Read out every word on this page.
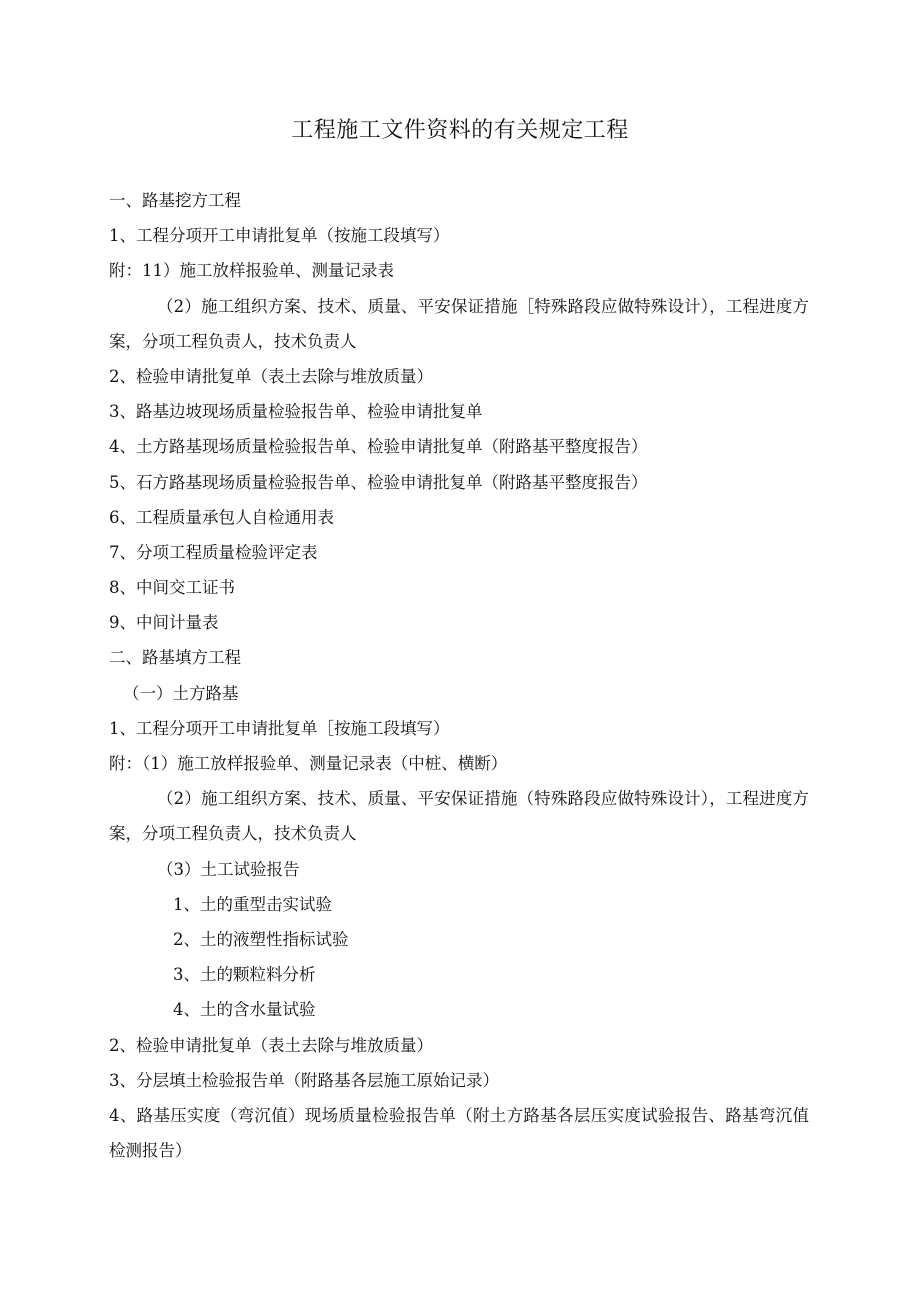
工程施工文件资料的有关规定工程
一、路基挖方工程
1、工程分项开工申请批复单（按施工段填写）
附：11）施工放样报验单、测量记录表
（2）施工组织方案、技术、质量、平安保证措施［特殊路段应做特殊设计），工程进度方案，分项工程负责人，技术负责人
2、检验申请批复单（表土去除与堆放质量）
3、路基边坡现场质量检验报告单、检验申请批复单
4、土方路基现场质量检验报告单、检验申请批复单（附路基平整度报告）
5、石方路基现场质量检验报告单、检验申请批复单（附路基平整度报告）
6、工程质量承包人自检通用表
7、分项工程质量检验评定表
8、中间交工证书
9、中间计量表
二、路基填方工程
（一）土方路基
1、工程分项开工申请批复单［按施工段填写）
附：（1）施工放样报验单、测量记录表（中桩、横断）
（2）施工组织方案、技术、质量、平安保证措施（特殊路段应做特殊设计），工程进度方案，分项工程负责人，技术负责人
（3）土工试验报告
1、土的重型击实试验
2、土的液塑性指标试验
3、土的颗粒料分析
4、土的含水量试验
2、检验申请批复单（表土去除与堆放质量）
3、分层填土检验报告单（附路基各层施工原始记录）
4、路基压实度（弯沉值）现场质量检验报告单（附土方路基各层压实度试验报告、路基弯沉值检测报告）
